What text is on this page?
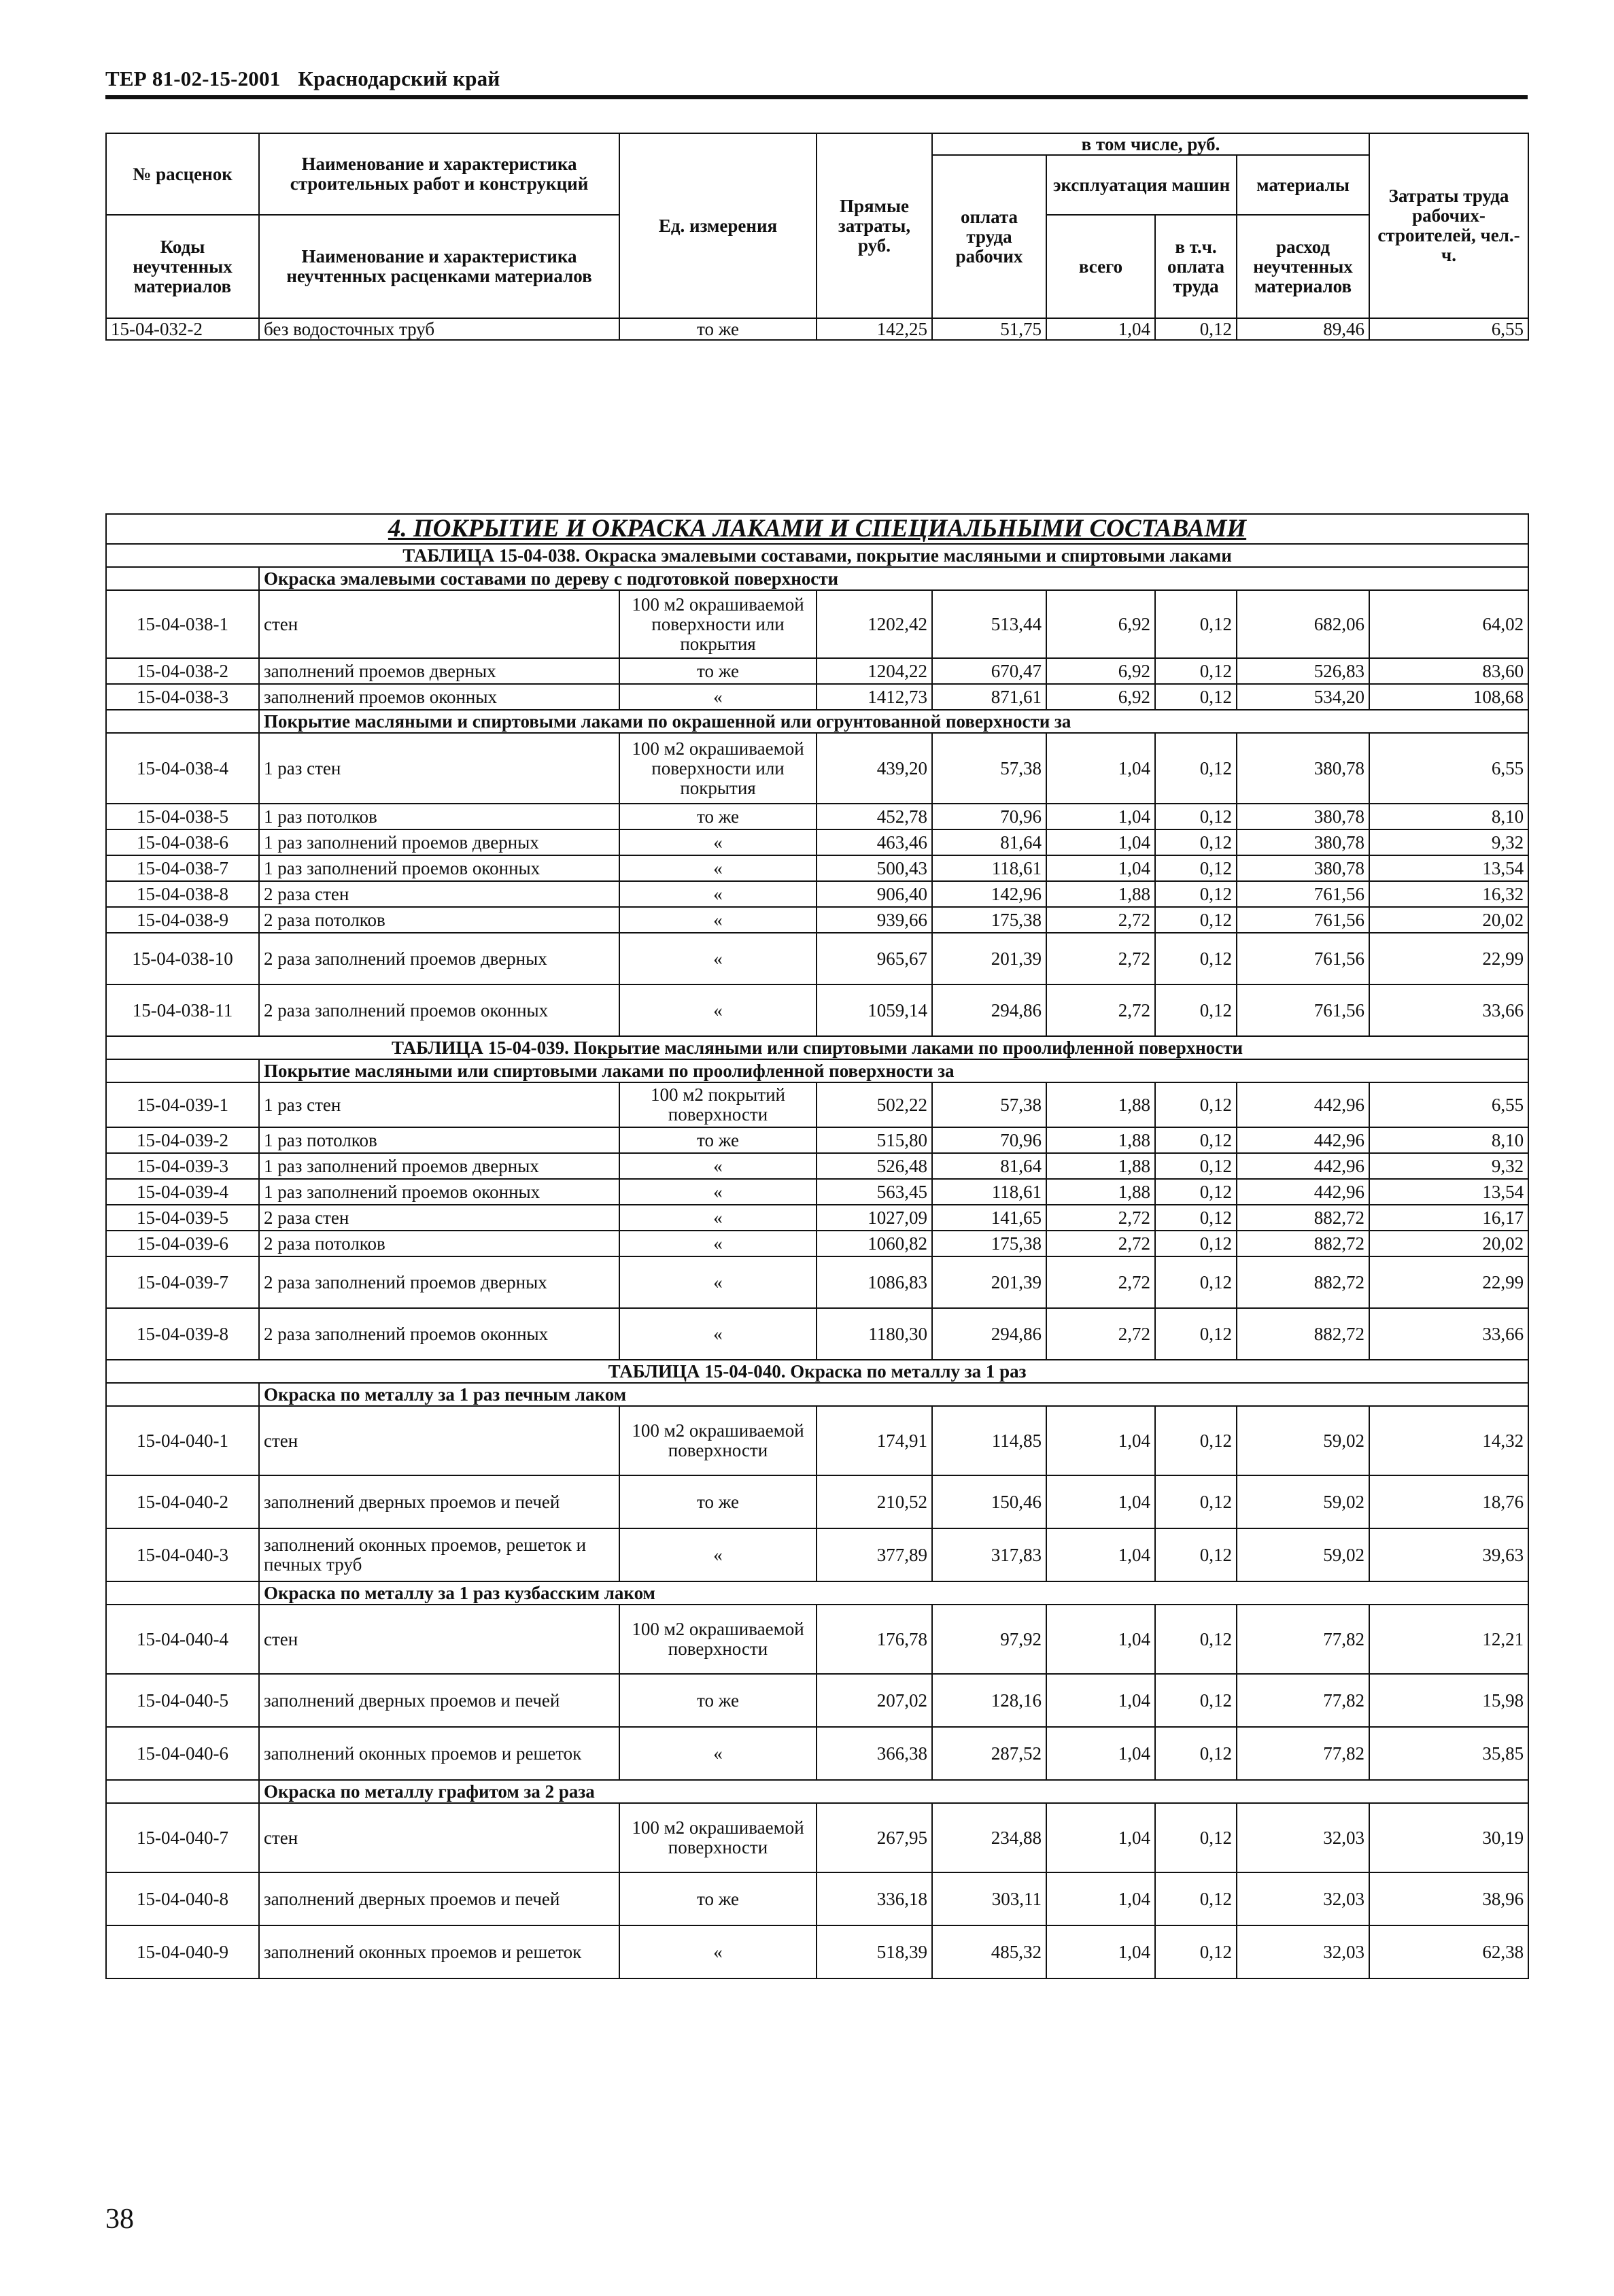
ТЕР 81-02-15-2001 Краснодарский край
№ расценок	Наименование и характеристика строительных работ и конструкций	Ед. измерения	Прямые затраты, руб.	в том числе, руб.				Затраты труда рабочих-строителей, чел.-ч.
				оплата труда рабочих	эксплуатация машин		материалы	

Коды неучтенных материалов	Наименование и характеристика неучтенных расценками материалов				всего	в т.ч. оплата труда	расход неучтенных материалов	

15-04-032-2	без водосточных труб	то же	142,25	51,75	1,04	0,12	89,46	6,55
4. ПОКРЫТИЕ И ОКРАСКА ЛАКАМИ И СПЕЦИАЛЬНЫМИ СОСТАВАМИ								
ТАБЛИЦА 15-04-038. Окраска эмалевыми составами, покрытие масляными и спиртовыми лаками								
	Окраска эмалевыми составами по дереву с подготовкой поверхности							
15-04-038-1	стен	100 м2 окрашиваемой поверхности или покрытия	1202,42	513,44	6,92	0,12	682,06	64,02
15-04-038-2	заполнений проемов дверных	то же	1204,22	670,47	6,92	0,12	526,83	83,60
15-04-038-3	заполнений проемов оконных	«	1412,73	871,61	6,92	0,12	534,20	108,68
	Покрытие масляными и спиртовыми лаками по окрашенной или огрунтованной поверхности за							
15-04-038-4	1 раз стен	100 м2 окрашиваемой поверхности или покрытия	439,20	57,38	1,04	0,12	380,78	6,55
15-04-038-5	1 раз потолков	то же	452,78	70,96	1,04	0,12	380,78	8,10
15-04-038-6	1 раз заполнений проемов дверных	«	463,46	81,64	1,04	0,12	380,78	9,32
15-04-038-7	1 раз заполнений проемов оконных	«	500,43	118,61	1,04	0,12	380,78	13,54
15-04-038-8	2 раза стен	«	906,40	142,96	1,88	0,12	761,56	16,32
15-04-038-9	2 раза потолков	«	939,66	175,38	2,72	0,12	761,56	20,02
15-04-038-10	2 раза заполнений проемов дверных	«	965,67	201,39	2,72	0,12	761,56	22,99
15-04-038-11	2 раза заполнений проемов оконных	«	1059,14	294,86	2,72	0,12	761,56	33,66
ТАБЛИЦА 15-04-039. Покрытие масляными или спиртовыми лаками по проолифленной поверхности								
	Покрытие масляными или спиртовыми лаками по проолифленной поверхности за							
15-04-039-1	1 раз стен	100 м2 покрытий поверхности	502,22	57,38	1,88	0,12	442,96	6,55
15-04-039-2	1 раз потолков	то же	515,80	70,96	1,88	0,12	442,96	8,10
15-04-039-3	1 раз заполнений проемов дверных	«	526,48	81,64	1,88	0,12	442,96	9,32
15-04-039-4	1 раз заполнений проемов оконных	«	563,45	118,61	1,88	0,12	442,96	13,54
15-04-039-5	2 раза стен	«	1027,09	141,65	2,72	0,12	882,72	16,17
15-04-039-6	2 раза потолков	«	1060,82	175,38	2,72	0,12	882,72	20,02
15-04-039-7	2 раза заполнений проемов дверных	«	1086,83	201,39	2,72	0,12	882,72	22,99
15-04-039-8	2 раза заполнений проемов оконных	«	1180,30	294,86	2,72	0,12	882,72	33,66
ТАБЛИЦА 15-04-040. Окраска по металлу за 1 раз								
	Окраска по металлу за 1 раз печным лаком							
15-04-040-1	стен	100 м2 окрашиваемой поверхности	174,91	114,85	1,04	0,12	59,02	14,32
15-04-040-2	заполнений дверных проемов и печей	то же	210,52	150,46	1,04	0,12	59,02	18,76
15-04-040-3	заполнений оконных проемов, решеток и печных труб	«	377,89	317,83	1,04	0,12	59,02	39,63
	Окраска по металлу за 1 раз кузбасским лаком							
15-04-040-4	стен	100 м2 окрашиваемой поверхности	176,78	97,92	1,04	0,12	77,82	12,21
15-04-040-5	заполнений дверных проемов и печей	то же	207,02	128,16	1,04	0,12	77,82	15,98
15-04-040-6	заполнений оконных проемов и решеток	«	366,38	287,52	1,04	0,12	77,82	35,85
	Окраска по металлу графитом за 2 раза							
15-04-040-7	стен	100 м2 окрашиваемой поверхности	267,95	234,88	1,04	0,12	32,03	30,19
15-04-040-8	заполнений дверных проемов и печей	то же	336,18	303,11	1,04	0,12	32,03	38,96
15-04-040-9	заполнений оконных проемов и решеток	«	518,39	485,32	1,04	0,12	32,03	62,38
38
